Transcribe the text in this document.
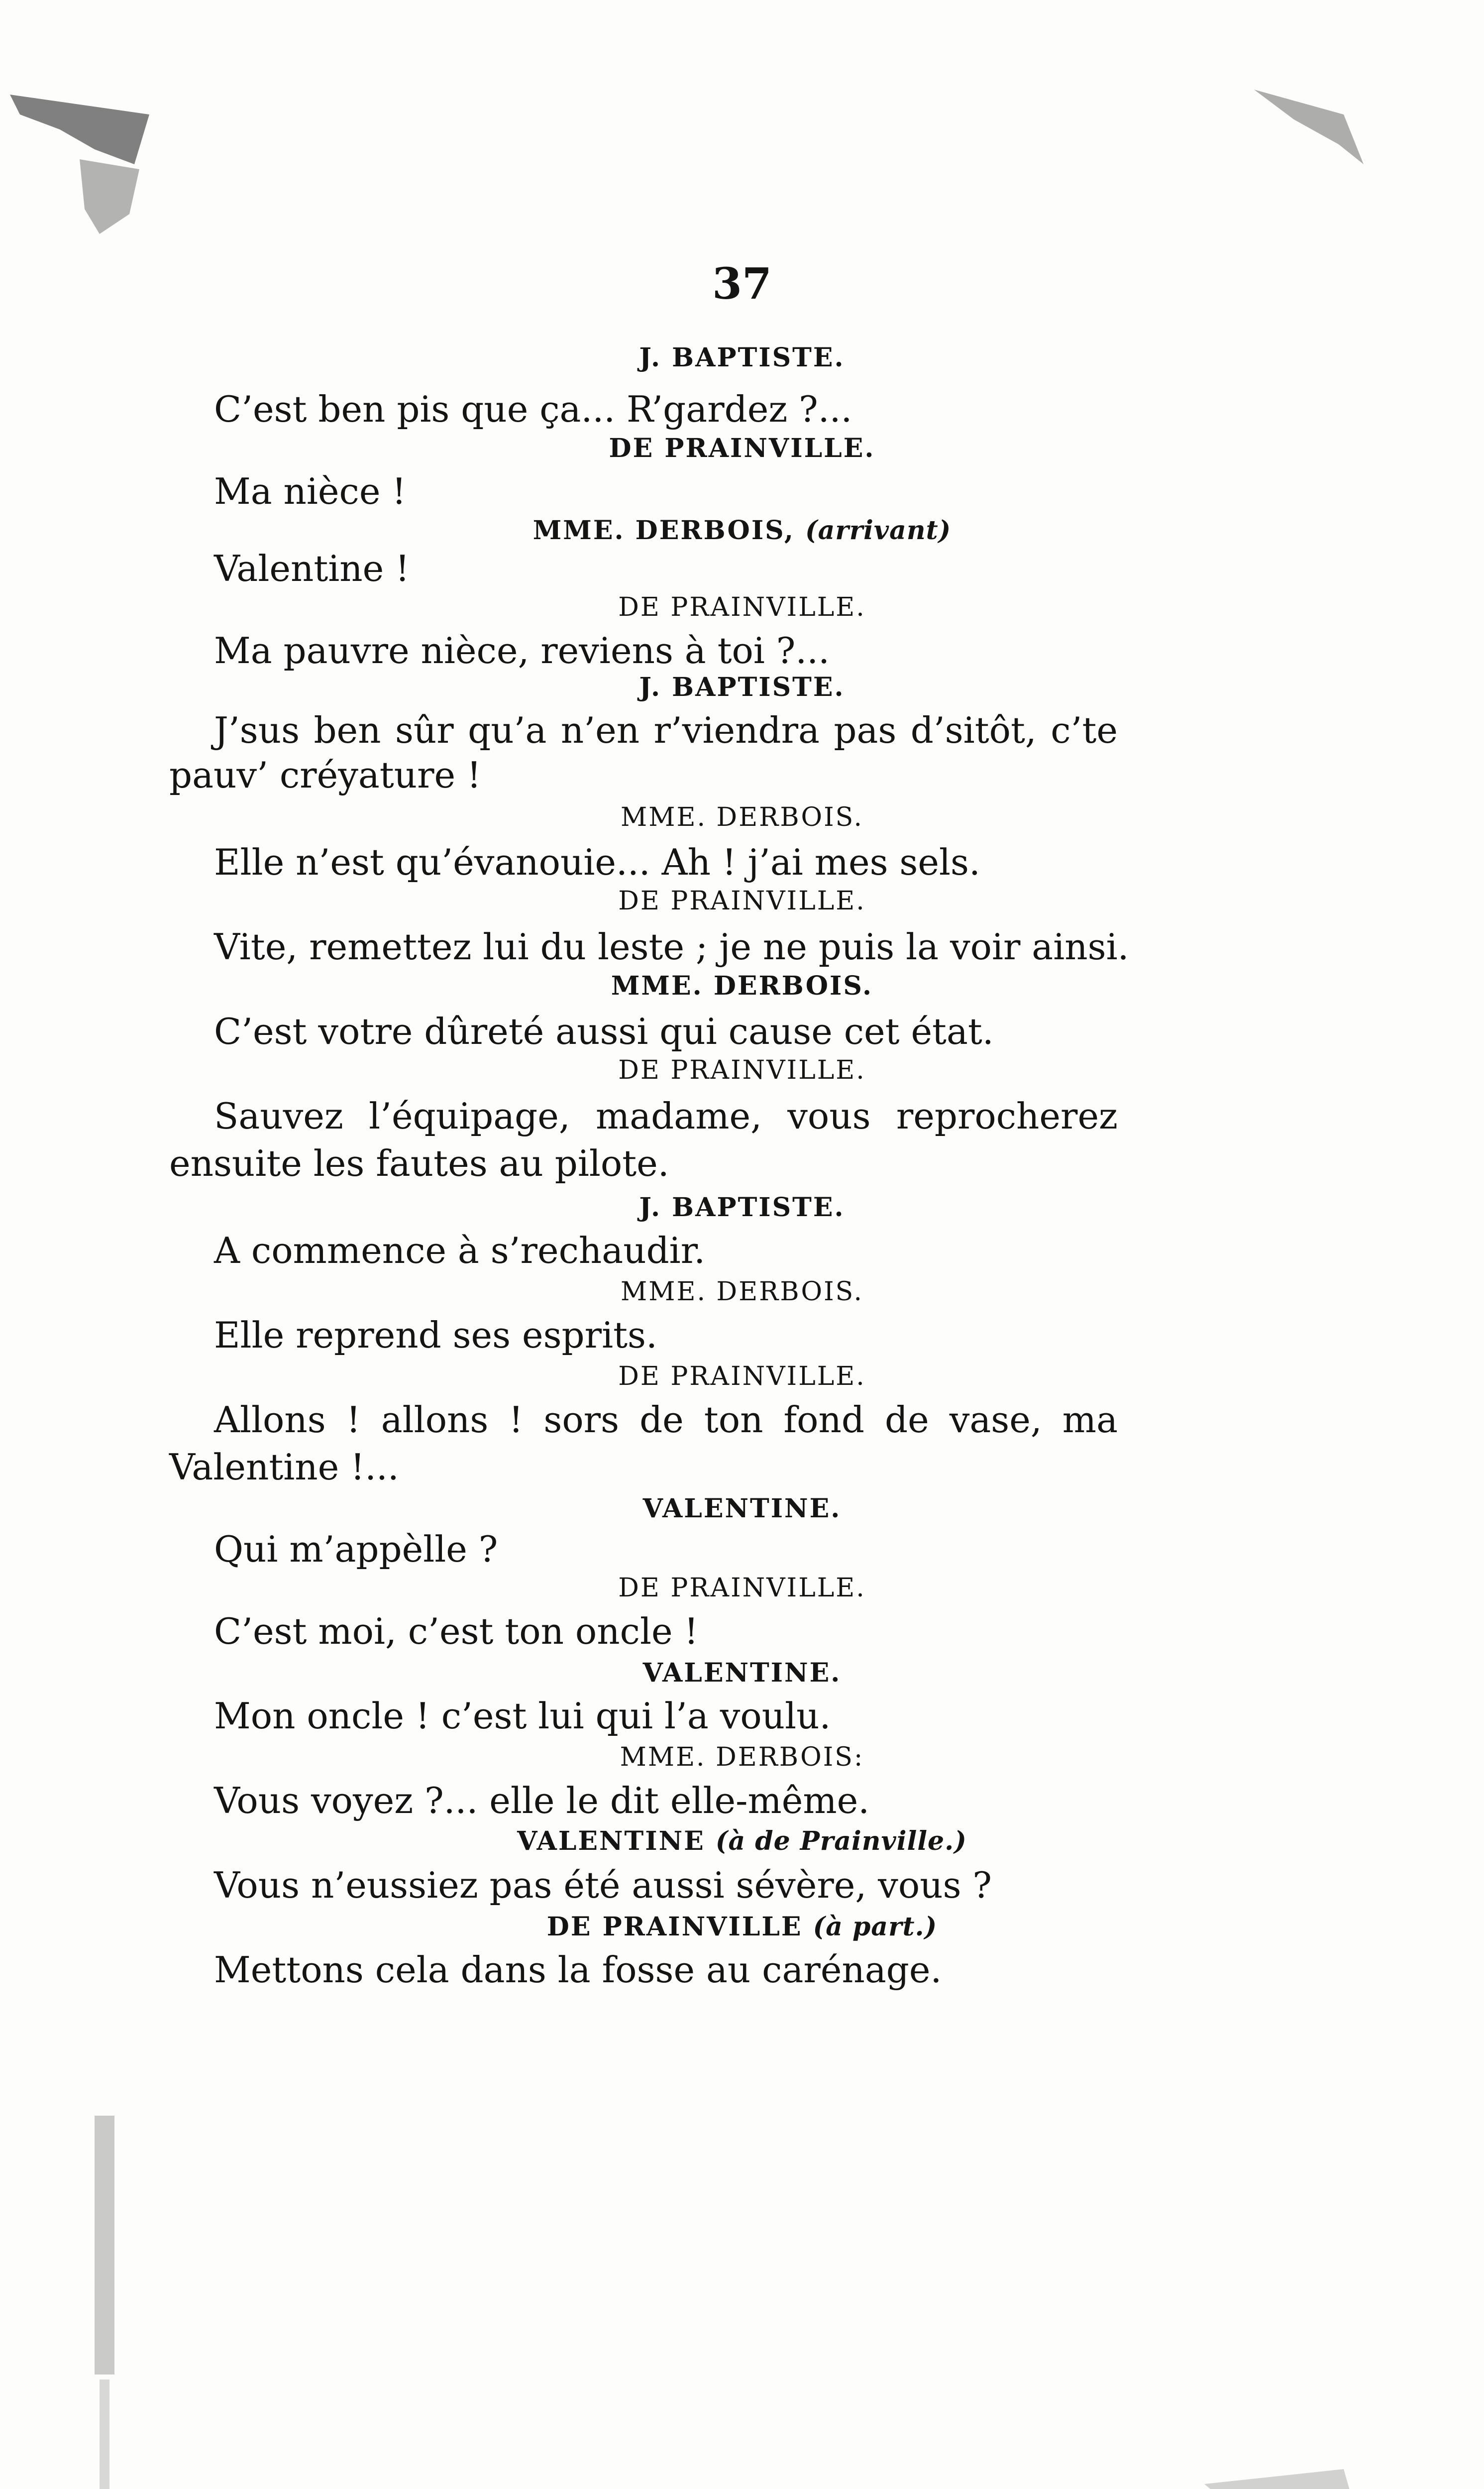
37
J. BAPTISTE.
C’est ben pis que ça... R’gardez ?...
DE PRAINVILLE.
Ma nièce !
MME. DERBOIS, (arrivant)
Valentine !
DE PRAINVILLE.
Ma pauvre nièce, reviens à toi ?...
J. BAPTISTE.
J’sus ben sûr qu’a n’en r’viendra pas d’sitôt, c’te
pauv’ créyature !
MME. DERBOIS.
Elle n’est qu’évanouie... Ah ! j’ai mes sels.
DE PRAINVILLE.
Vite, remettez lui du leste ; je ne puis la voir ainsi.
MME. DERBOIS.
C’est votre dûreté aussi qui cause cet état.
DE PRAINVILLE.
Sauvez l’équipage, madame, vous reprocherez
ensuite les fautes au pilote.
J. BAPTISTE.
A commence à s’rechaudir.
MME. DERBOIS.
Elle reprend ses esprits.
DE PRAINVILLE.
Allons ! allons ! sors de ton fond de vase, ma
Valentine !...
VALENTINE.
Qui m’appèlle ?
DE PRAINVILLE.
C’est moi, c’est ton oncle !
VALENTINE.
Mon oncle ! c’est lui qui l’a voulu.
MME. DERBOIS:
Vous voyez ?... elle le dit elle-même.
VALENTINE (à de Prainville.)
Vous n’eussiez pas été aussi sévère, vous ?
DE PRAINVILLE (à part.)
Mettons cela dans la fosse au carénage.
